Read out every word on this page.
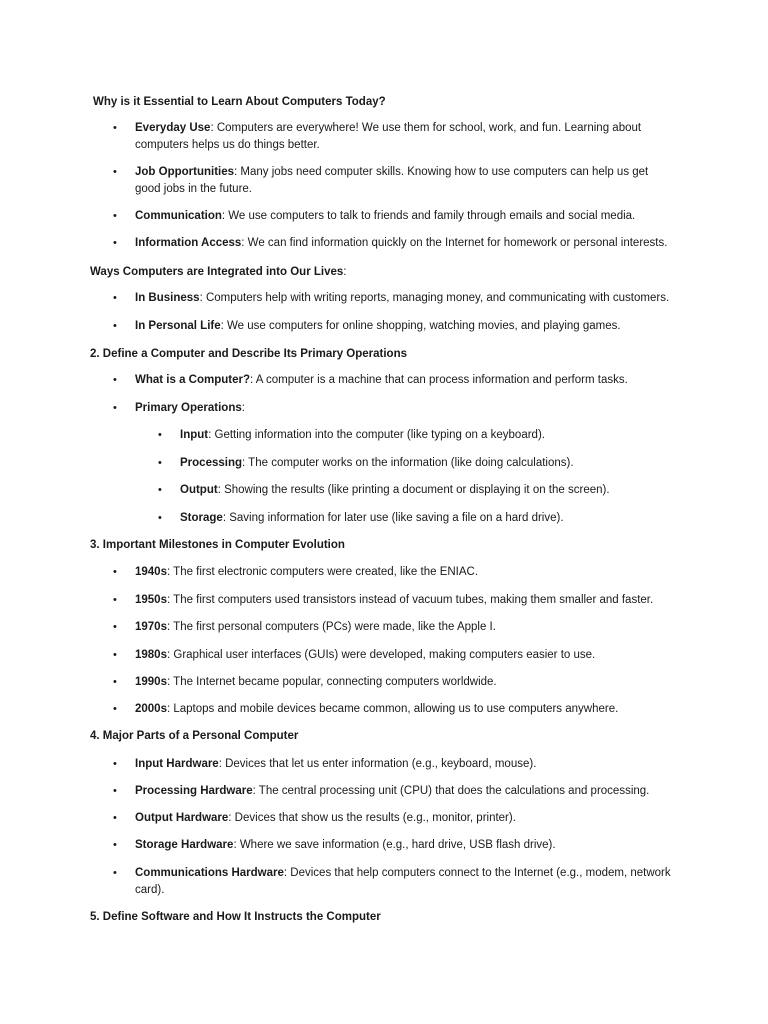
Why is it Essential to Learn About Computers Today?
• Everyday Use: Computers are everywhere! We use them for school, work, and fun. Learning about computers helps us do things better.
• Job Opportunities: Many jobs need computer skills. Knowing how to use computers can help us get good jobs in the future.
• Communication: We use computers to talk to friends and family through emails and social media.
• Information Access: We can find information quickly on the Internet for homework or personal interests.
Ways Computers are Integrated into Our Lives:
• In Business: Computers help with writing reports, managing money, and communicating with customers.
• In Personal Life: We use computers for online shopping, watching movies, and playing games.
2. Define a Computer and Describe Its Primary Operations
• What is a Computer?: A computer is a machine that can process information and perform tasks.
• Primary Operations:
• Input: Getting information into the computer (like typing on a keyboard).
• Processing: The computer works on the information (like doing calculations).
• Output: Showing the results (like printing a document or displaying it on the screen).
• Storage: Saving information for later use (like saving a file on a hard drive).
3. Important Milestones in Computer Evolution
• 1940s: The first electronic computers were created, like the ENIAC.
• 1950s: The first computers used transistors instead of vacuum tubes, making them smaller and faster.
• 1970s: The first personal computers (PCs) were made, like the Apple I.
• 1980s: Graphical user interfaces (GUIs) were developed, making computers easier to use.
• 1990s: The Internet became popular, connecting computers worldwide.
• 2000s: Laptops and mobile devices became common, allowing us to use computers anywhere.
4. Major Parts of a Personal Computer
• Input Hardware: Devices that let us enter information (e.g., keyboard, mouse).
• Processing Hardware: The central processing unit (CPU) that does the calculations and processing.
• Output Hardware: Devices that show us the results (e.g., monitor, printer).
• Storage Hardware: Where we save information (e.g., hard drive, USB flash drive).
• Communications Hardware: Devices that help computers connect to the Internet (e.g., modem, network card).
5. Define Software and How It Instructs the Computer
